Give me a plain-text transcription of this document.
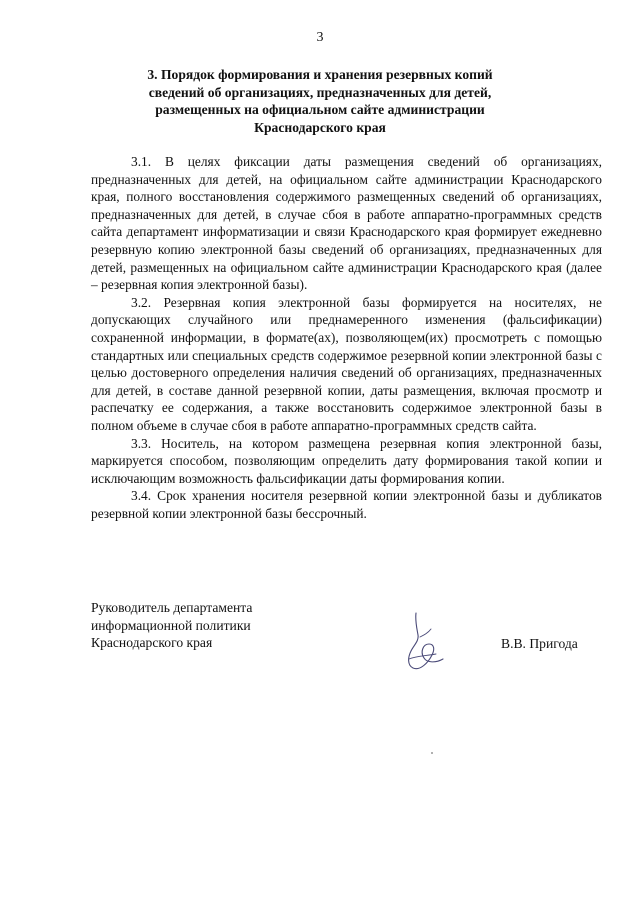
3
3. Порядок формирования и хранения резервных копий
сведений об организациях, предназначенных для детей,
размещенных на официальном сайте администрации
Краснодарского края

3.1. В целях фиксации даты размещения сведений об организациях, предназначенных для детей, на официальном сайте администрации Краснодарского края, полного восстановления содержимого размещенных сведений об организациях, предназначенных для детей, в случае сбоя в работе аппаратно-программных средств сайта департамент информатизации и связи Краснодарского края формирует ежедневно резервную копию электронной базы сведений об организациях, предназначенных для детей, размещенных на официальном сайте администрации Краснодарского края (далее – резервная копия электронной базы).

3.2. Резервная копия электронной базы формируется на носителях, не допускающих случайного или преднамеренного изменения (фальсификации) сохраненной информации, в формате(ах), позволяющем(их) просмотреть с помощью стандартных или специальных средств содержимое резервной копии электронной базы с целью достоверного определения наличия сведений об организациях, предназначенных для детей, в составе данной резервной копии, даты размещения, включая просмотр и распечатку ее содержания, а также восстановить содержимое электронной базы в полном объеме в случае сбоя в работе аппаратно-программных средств сайта.

3.3. Носитель, на котором размещена резервная копия электронной базы, маркируется способом, позволяющим определить дату формирования такой копии и исключающим возможность фальсификации даты формирования копии.

3.4. Срок хранения носителя резервной копии электронной базы и дубликатов резервной копии электронной базы бессрочный.

Руководитель департамента
информационной политики
Краснодарского края	В.В. Пригода
